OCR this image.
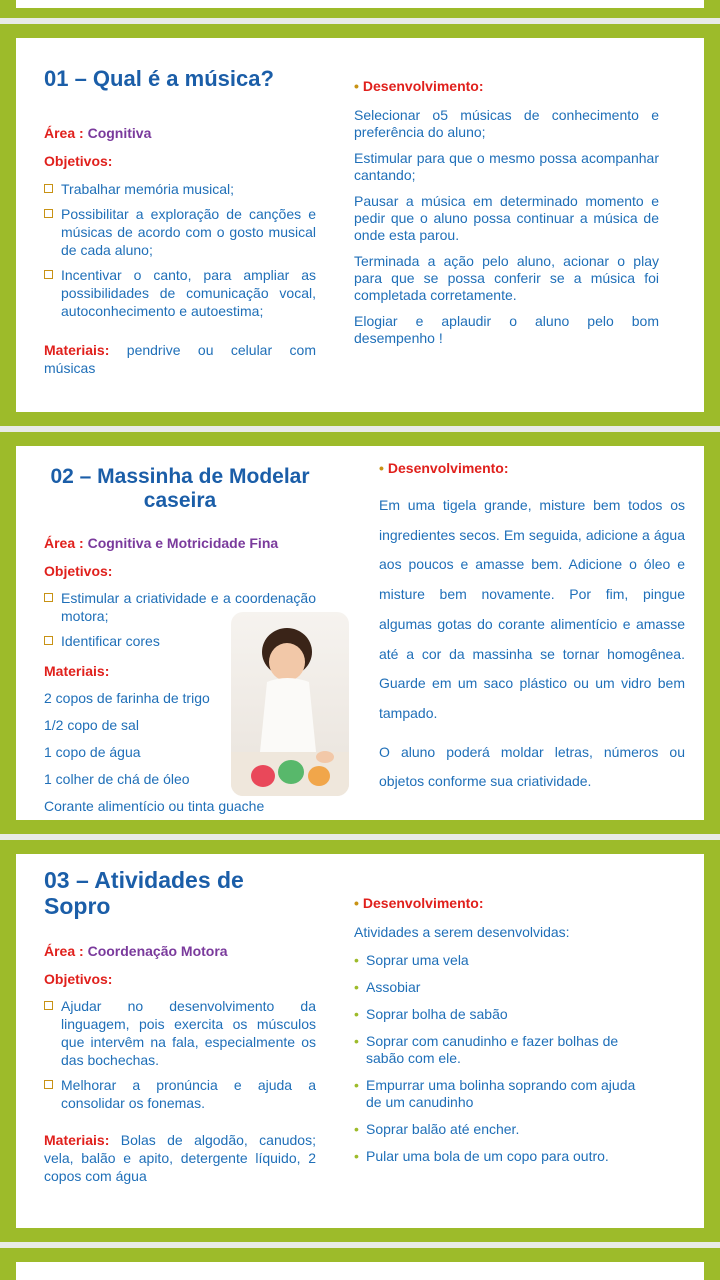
01 – Qual é a música?
Área : Cognitiva
Objetivos:
Trabalhar memória musical;
Possibilitar a exploração de canções e músicas de acordo com o gosto musical de cada aluno;
Incentivar o canto, para ampliar as possibilidades de comunicação vocal, autoconhecimento e autoestima;
Materiais: pendrive ou celular com músicas
• Desenvolvimento:

Selecionar o5 músicas de conhecimento e preferência do aluno;

Estimular para que o mesmo possa acompanhar cantando;

Pausar a música em determinado momento e pedir que o aluno possa continuar a música de onde esta parou.

Terminada a ação pelo aluno, acionar o play para que se possa conferir se a música foi completada corretamente.

Elogiar e aplaudir o aluno pelo bom desempenho !

02 – Massinha de Modelar
caseira
Área : Cognitiva e Motricidade Fina
Objetivos:
Estimular a criatividade e a coordenação motora;
Identificar cores
Materiais:
2 copos de farinha de trigo
1/2 copo de sal
1 copo de água
1 colher de chá de óleo
Corante alimentício ou tinta guache
• Desenvolvimento:

Em uma tigela grande, misture bem todos os ingredientes secos. Em seguida, adicione a água aos poucos e amasse bem. Adicione o óleo e misture bem novamente. Por fim, pingue algumas gotas do corante alimentício e amasse até a cor da massinha se tornar homogênea. Guarde em um saco plástico ou um vidro bem tampado.

O aluno poderá moldar letras, números ou objetos conforme sua criatividade.

03 – Atividades de
Sopro
Área : Coordenação Motora
Objetivos:
Ajudar no desenvolvimento da linguagem, pois exercita os músculos que intervêm na fala, especialmente os das bochechas.
Melhorar a pronúncia e ajuda a consolidar os fonemas.
Materiais: Bolas de algodão, canudos; vela, balão e apito, detergente líquido, 2 copos com água
• Desenvolvimento:
Atividades a serem desenvolvidas:
• Soprar uma vela
• Assobiar
• Soprar bolha de sabão
• Soprar com canudinho e fazer bolhas de sabão com ele.
• Empurrar uma bolinha soprando com ajuda de um canudinho
• Soprar balão até encher.
• Pular uma bola de um copo para outro.
